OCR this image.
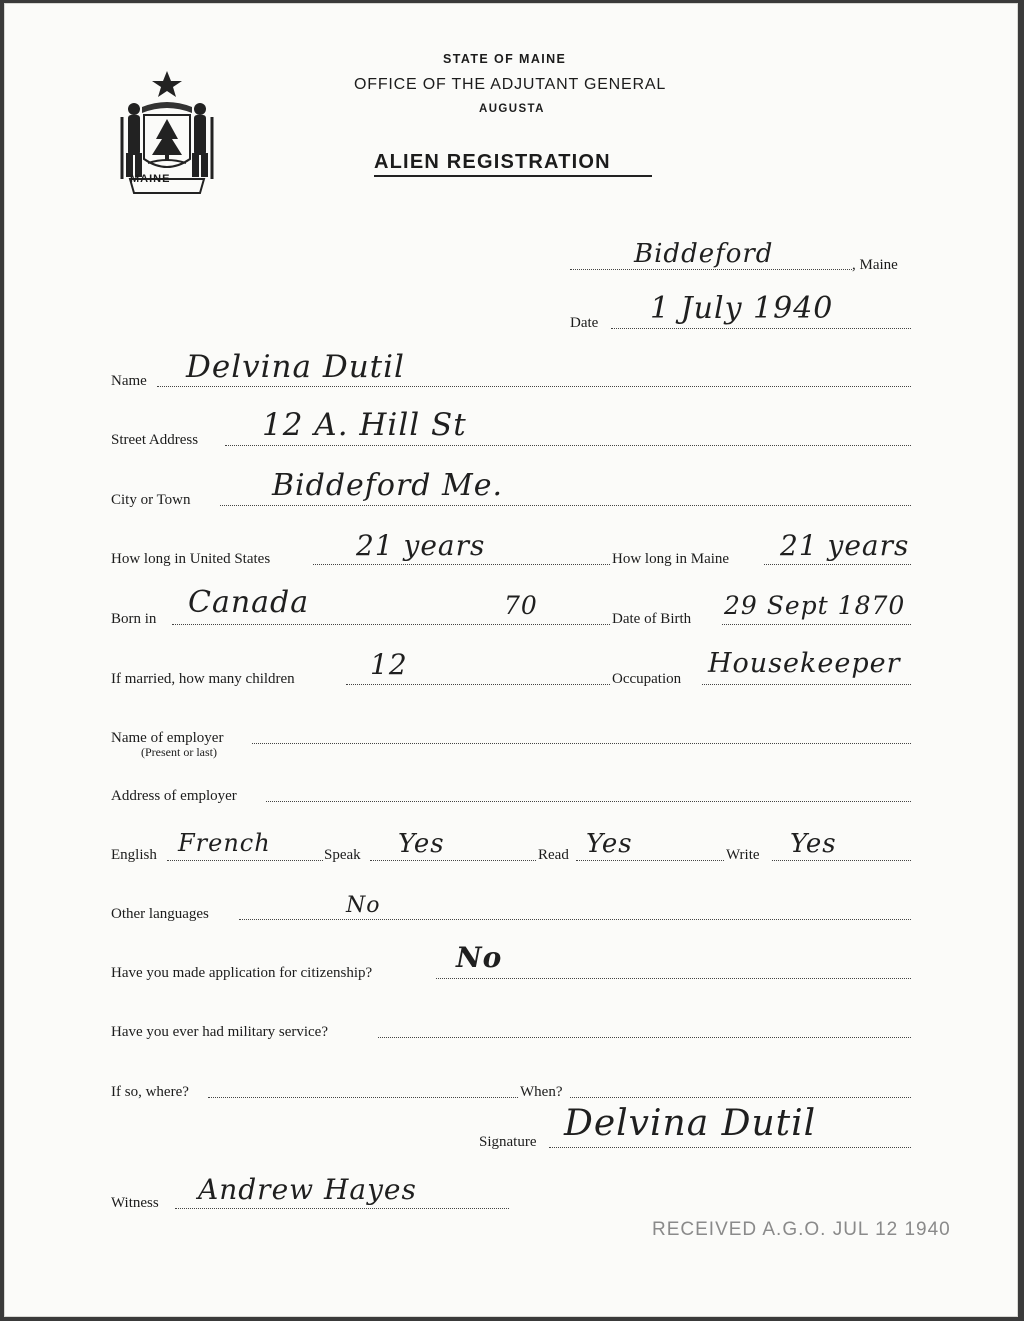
MAINE
STATE OF MAINE
OFFICE OF THE ADJUTANT GENERAL
AUGUSTA
ALIEN REGISTRATION
Biddeford	, Maine
Date 1 July 1940
Name Delvina Dutil
Street Address 12 A. Hill St
City or Town	Biddeford Me.
How long in United States	21 years	How long in Maine 21 years
Born in Canada	70	Date of Birth 29 Sept 1870
If married, how many children	12	Occupation Housekeeper
Name of employer
(Present or last)
Address of employer
English French	Speak Yes	Read Yes	Write Yes
Other languages	No
Have you made application for citizenship?	No
Have you ever had military service?
If so, where?	When?
Signature Delvina Dutil
Witness Andrew Hayes
RECEIVED A.G.O. JUL 12 1940
